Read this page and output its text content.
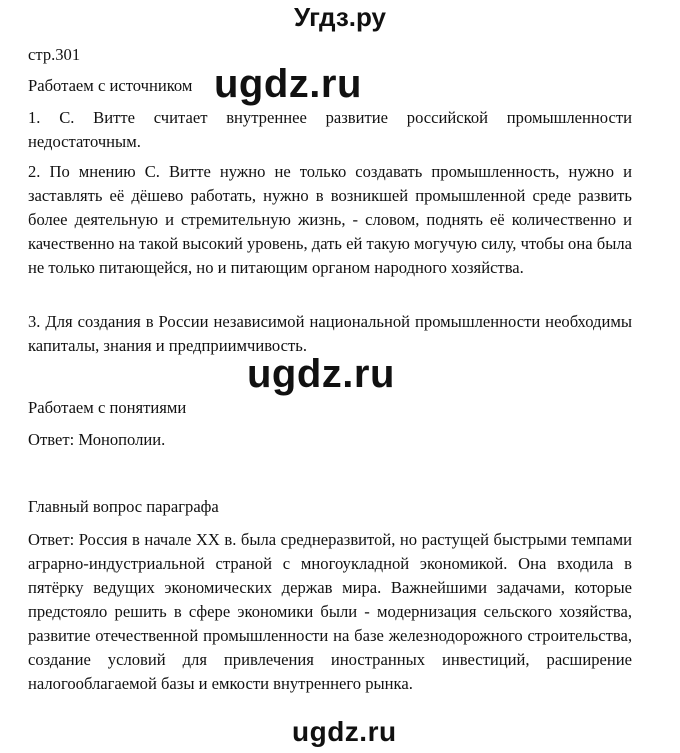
Угдз.ру
стр.301
Работаем с источником ugdz.ru
1. С. Витте считает внутреннее развитие российской промышленности недостаточным.
2. По мнению С. Витте нужно не только создавать промышленность, нужно и заставлять её дёшево работать, нужно в возникшей промышленной среде развить более деятельную и стремительную жизнь, - словом, поднять её количественно и качественно на такой высокий уровень, дать ей такую могучую силу, чтобы она была не только питающейся, но и питающим органом народного хозяйства.
3. Для создания в России независимой национальной промышленности необходимы капиталы, знания и предприимчивость.
ugdz.ru
Работаем с понятиями
Ответ: Монополии.
Главный вопрос параграфа
Ответ: Россия в начале XX в. была среднеразвитой, но растущей быстрыми темпами аграрно-индустриальной страной с многоукладной экономикой. Она входила в пятёрку ведущих экономических держав мира. Важнейшими задачами, которые предстояло решить в сфере экономики были - модернизация сельского хозяйства, развитие отечественной промышленности на базе железнодорожного строительства, создание условий для привлечения иностранных инвестиций, расширение налогооблагаемой базы и емкости внутреннего рынка.
ugdz.ru
